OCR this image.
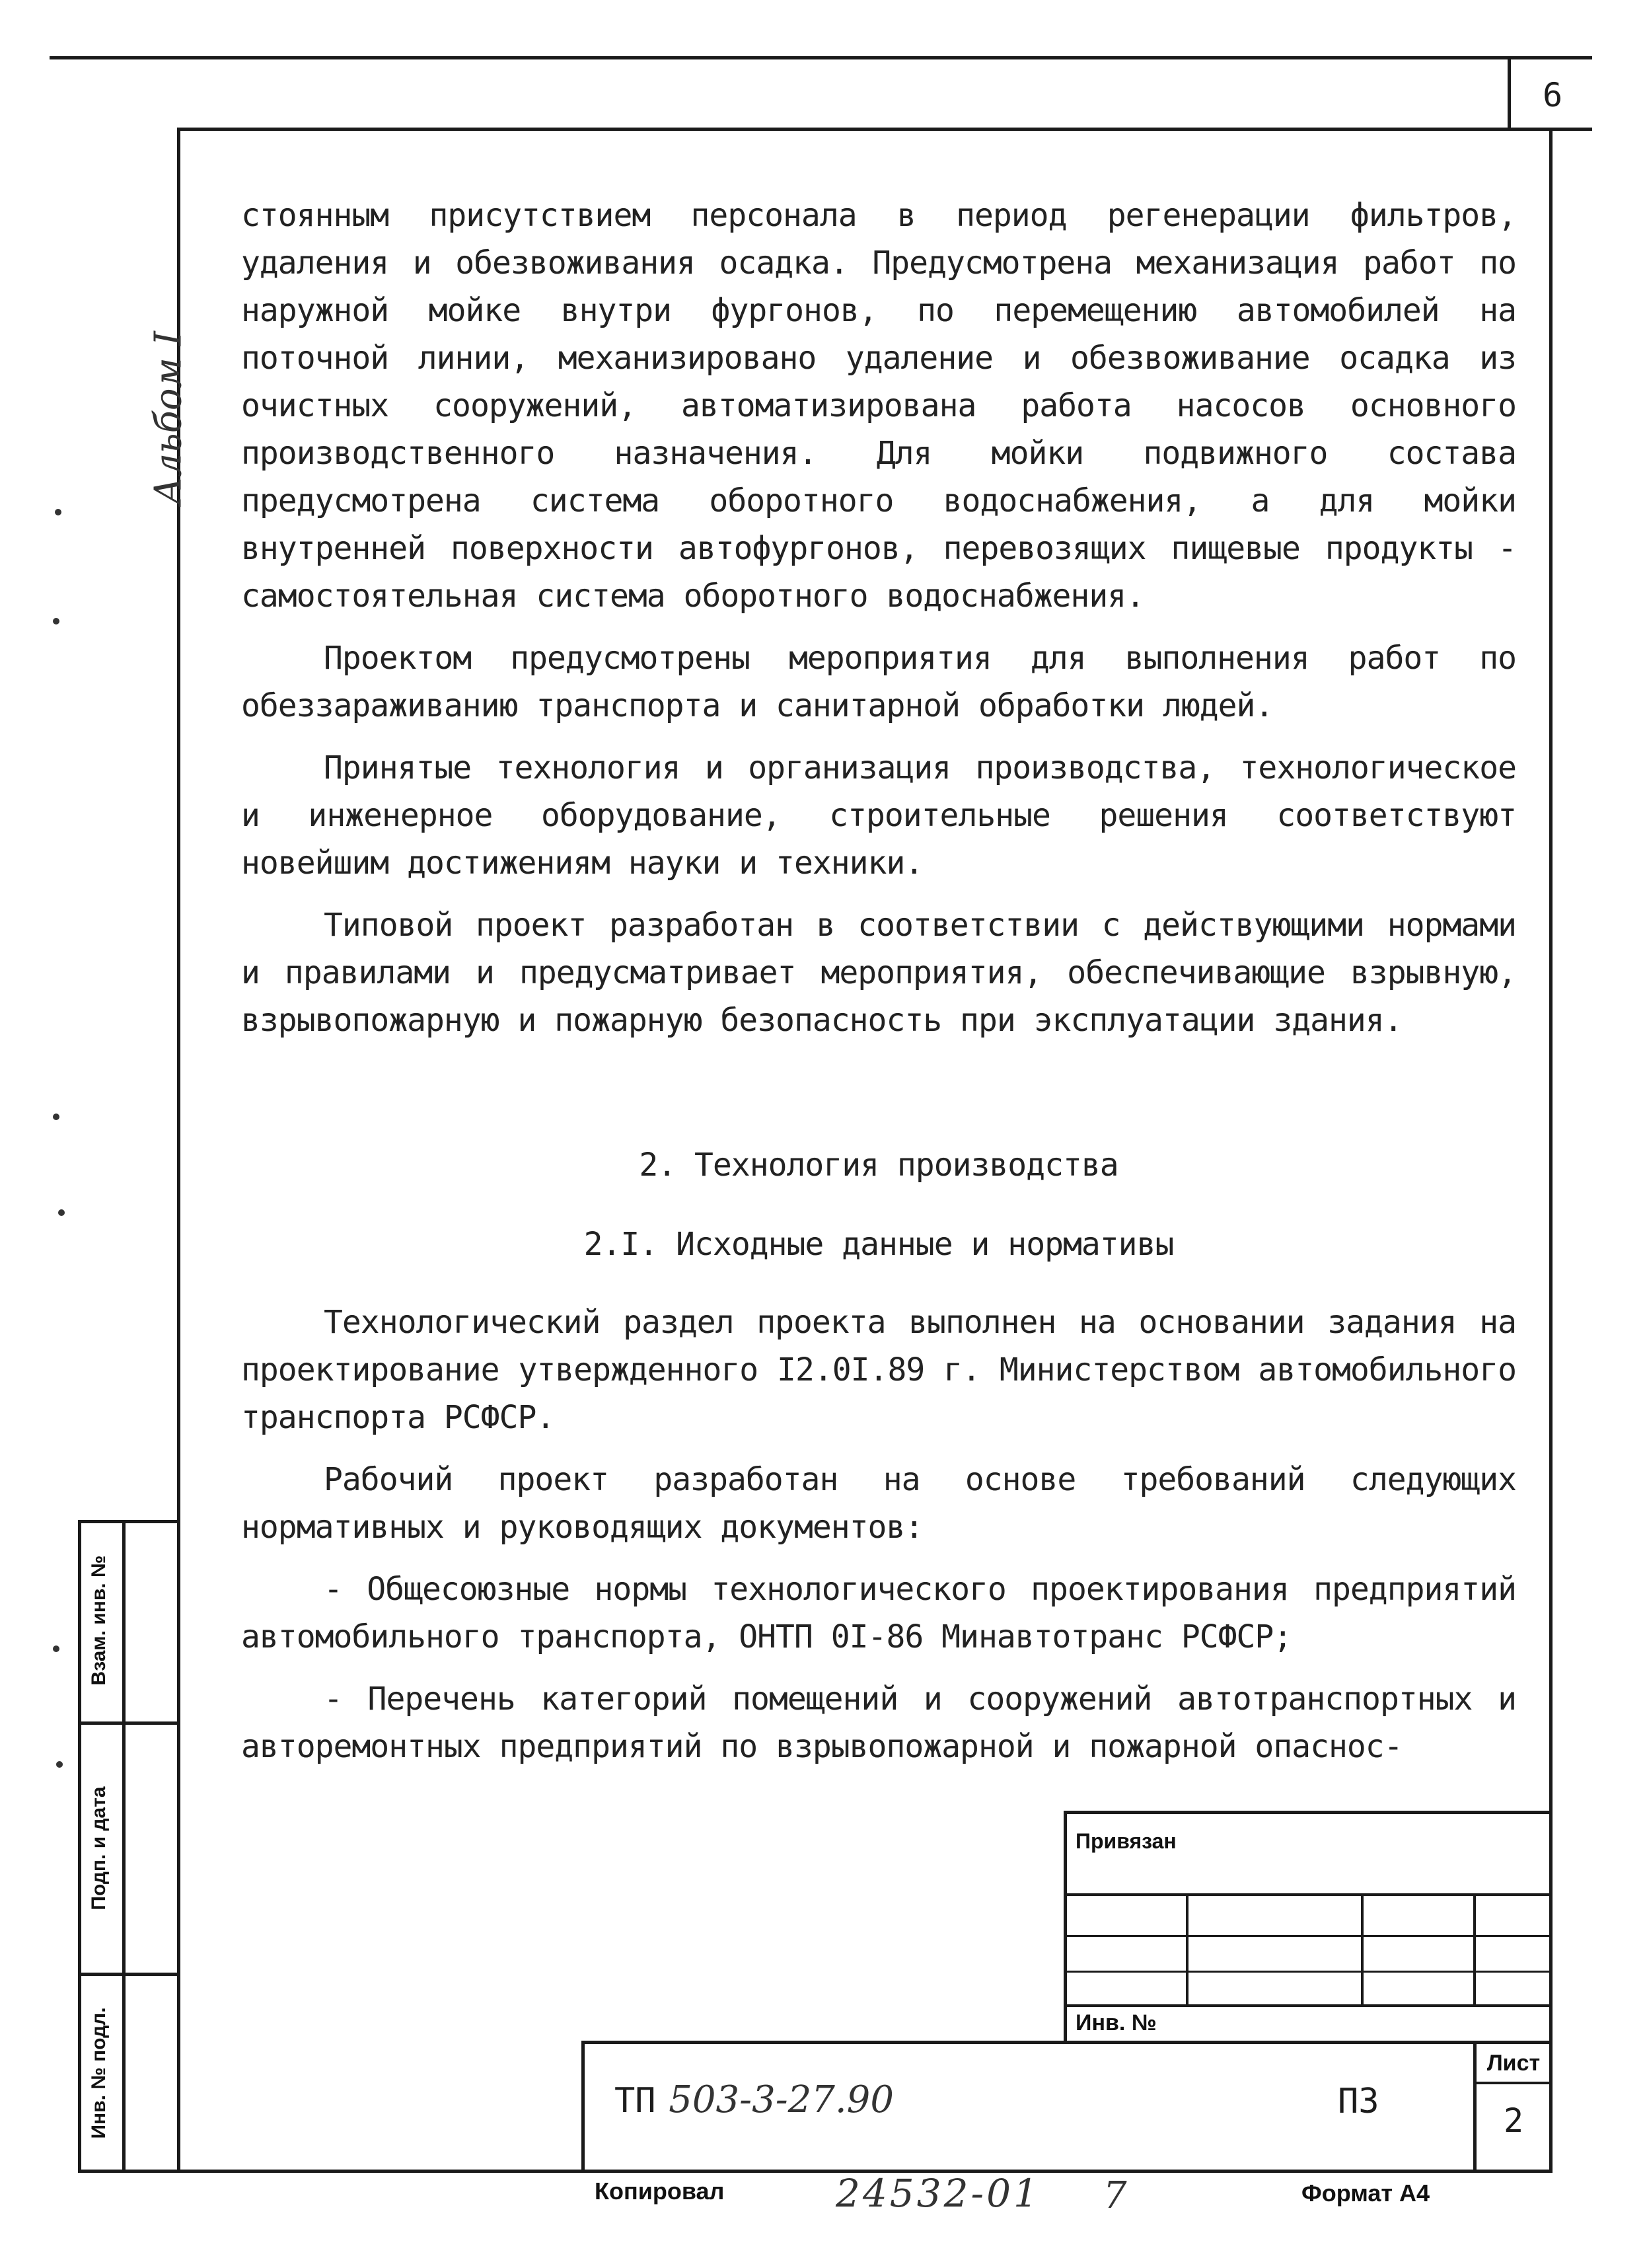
6
Альбом I
Взам. инв. №
Подп. и дата
Инв. № подл.
стоянным присутствием персонала в период регенерации фильтров, удаления и обезвоживания осадка. Предусмотрена механизация работ по наружной мойке внутри фургонов, по перемещению автомобилей на поточной линии, механизировано удаление и обезвоживание осадка из очистных сооружений, автоматизирована работа насосов основного производственного назначения. Для мойки подвижного состава предусмотрена система оборотного водоснабжения, а для мойки внутренней поверхности автофургонов, перевозящих пищевые продукты - самостоятельная система оборотного водоснабжения.
Проектом предусмотрены мероприятия для выполнения работ по обеззараживанию транспорта и санитарной обработки людей.
Принятые технология и организация производства, технологическое и инженерное оборудование, строительные решения соответствуют новейшим достижениям науки и техники.
Типовой проект разработан в соответствии с действующими нормами и правилами и предусматривает мероприятия, обеспечивающие взрывную, взрывопожарную и пожарную безопасность при эксплуатации здания.
2. Технология производства
2.I. Исходные данные и нормативы
Технологический раздел проекта выполнен на основании задания на проектирование утвержденного I2.0I.89 г. Министерством автомобильного транспорта РСФСР.
Рабочий проект разработан на основе требований следующих нормативных и руководящих документов:
- Общесоюзные нормы технологического проектирования предприятий автомобильного транспорта, ОНТП 0I-86 Минавтотранс РСФСР;
- Перечень категорий помещений и сооружений автотранспортных и авторемонтных предприятий по взрывопожарной и пожарной опаснос-
Привязан
Инв. №
Лист
2
ТП 503-3-27.90	ПЗ
Копировал	24532-01 7	Формат А4
